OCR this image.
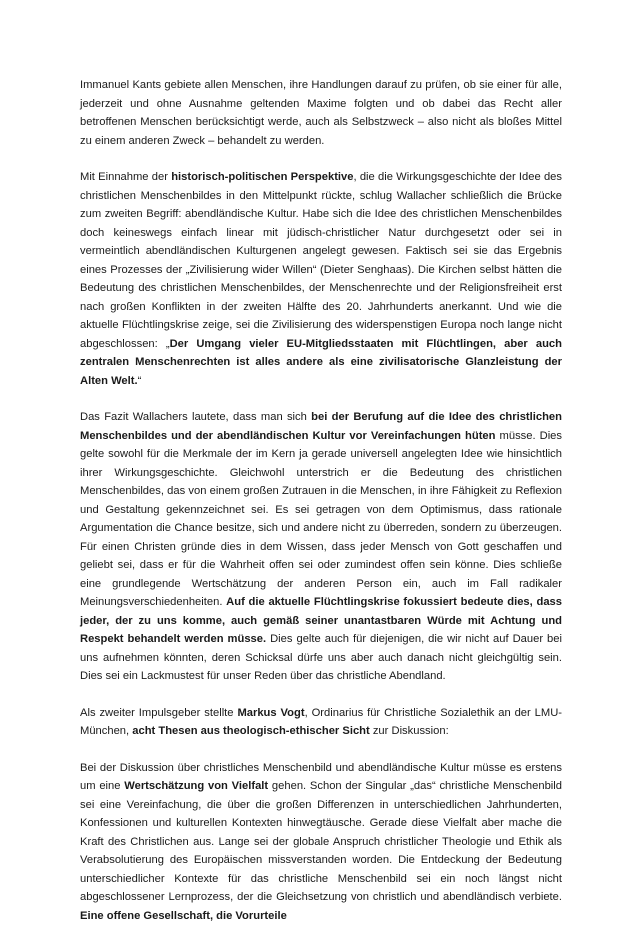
Immanuel Kants gebiete allen Menschen, ihre Handlungen darauf zu prüfen, ob sie einer für alle, jederzeit und ohne Ausnahme geltenden Maxime folgten und ob dabei das Recht aller betroffenen Menschen berücksichtigt werde, auch als Selbstzweck – also nicht als bloßes Mittel zu einem anderen Zweck – behandelt zu werden.

Mit Einnahme der historisch-politischen Perspektive, die die Wirkungsgeschichte der Idee des christlichen Menschenbildes in den Mittelpunkt rückte, schlug Wallacher schließlich die Brücke zum zweiten Begriff: abendländische Kultur. Habe sich die Idee des christlichen Menschenbildes doch keineswegs einfach linear mit jüdisch-christlicher Natur durchgesetzt oder sei in vermeintlich abendländischen Kulturgenen angelegt gewesen. Faktisch sei sie das Ergebnis eines Prozesses der „Zivilisierung wider Willen“ (Dieter Senghaas). Die Kirchen selbst hätten die Bedeutung des christlichen Menschenbildes, der Menschenrechte und der Religionsfreiheit erst nach großen Konflikten in der zweiten Hälfte des 20. Jahrhunderts anerkannt. Und wie die aktuelle Flüchtlingskrise zeige, sei die Zivilisierung des widerspenstigen Europa noch lange nicht abgeschlossen: „Der Umgang vieler EU-Mitgliedsstaaten mit Flüchtlingen, aber auch zentralen Menschenrechten ist alles andere als eine zivilisatorische Glanzleistung der Alten Welt.“

Das Fazit Wallachers lautete, dass man sich bei der Berufung auf die Idee des christlichen Menschenbildes und der abendländischen Kultur vor Vereinfachungen hüten müsse. Dies gelte sowohl für die Merkmale der im Kern ja gerade universell angelegten Idee wie hinsichtlich ihrer Wirkungsgeschichte. Gleichwohl unterstrich er die Bedeutung des christlichen Menschenbildes, das von einem großen Zutrauen in die Menschen, in ihre Fähigkeit zu Reflexion und Gestaltung gekennzeichnet sei. Es sei getragen von dem Optimismus, dass rationale Argumentation die Chance besitze, sich und andere nicht zu überreden, sondern zu überzeugen. Für einen Christen gründe dies in dem Wissen, dass jeder Mensch von Gott geschaffen und geliebt sei, dass er für die Wahrheit offen sei oder zumindest offen sein könne. Dies schließe eine grundlegende Wertschätzung der anderen Person ein, auch im Fall radikaler Meinungsverschiedenheiten. Auf die aktuelle Flüchtlingskrise fokussiert bedeute dies, dass jeder, der zu uns komme, auch gemäß seiner unantastbaren Würde mit Achtung und Respekt behandelt werden müsse. Dies gelte auch für diejenigen, die wir nicht auf Dauer bei uns aufnehmen könnten, deren Schicksal dürfe uns aber auch danach nicht gleichgültig sein. Dies sei ein Lackmustest für unser Reden über das christliche Abendland.

Als zweiter Impulsgeber stellte Markus Vogt, Ordinarius für Christliche Sozialethik an der LMU-München, acht Thesen aus theologisch-ethischer Sicht zur Diskussion:

Bei der Diskussion über christliches Menschenbild und abendländische Kultur müsse es erstens um eine Wertschätzung von Vielfalt gehen. Schon der Singular „das“ christliche Menschenbild sei eine Vereinfachung, die über die großen Differenzen in unterschiedlichen Jahrhunderten, Konfessionen und kulturellen Kontexten hinwegtäusche. Gerade diese Vielfalt aber mache die Kraft des Christlichen aus. Lange sei der globale Anspruch christlicher Theologie und Ethik als Verabsolutierung des Europäischen missverstanden worden. Die Entdeckung der Bedeutung unterschiedlicher Kontexte für das christliche Menschenbild sei ein noch längst nicht abgeschlossener Lernprozess, der die Gleichsetzung von christlich und abendländisch verbiete. Eine offene Gesellschaft, die Vorurteile
